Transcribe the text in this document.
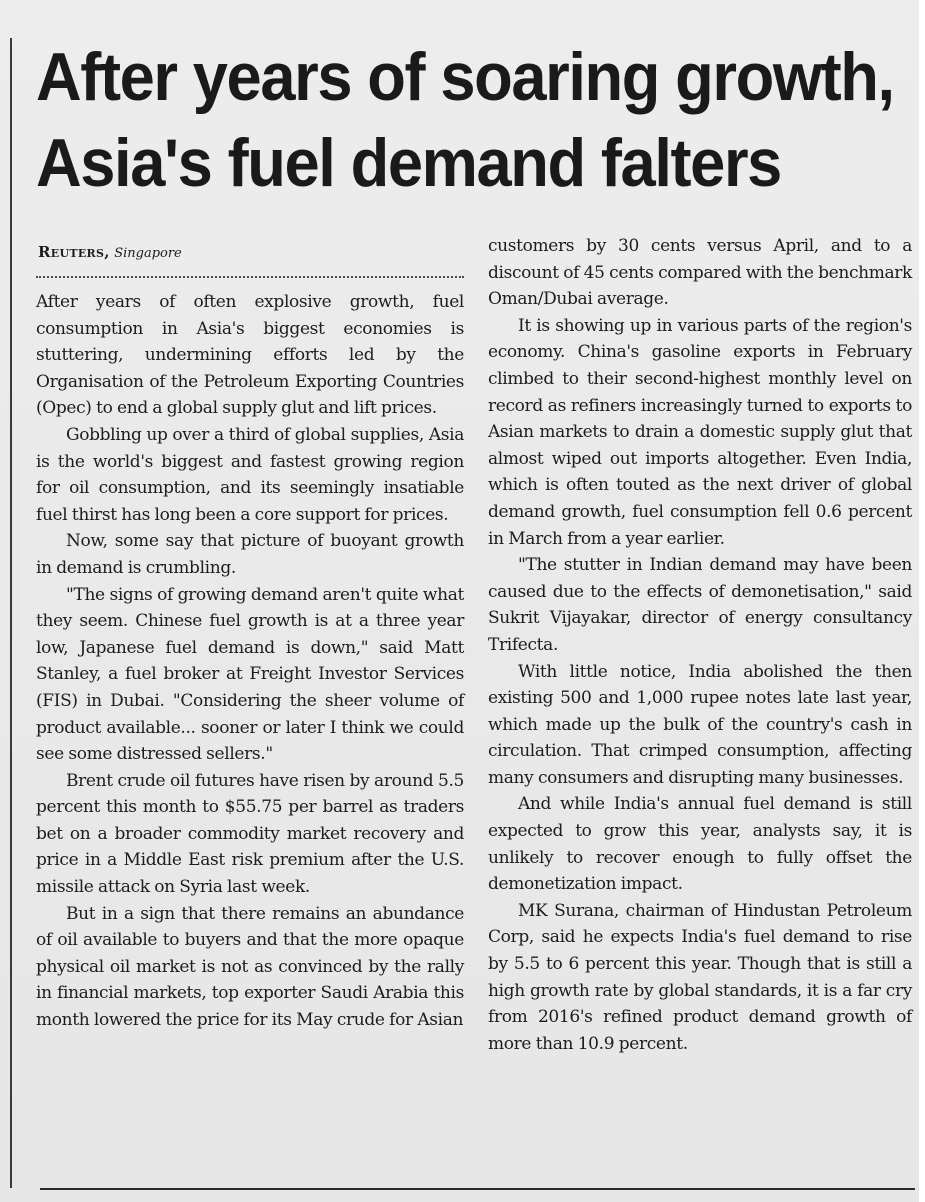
After years of soaring growth,
Asia's fuel demand falters
Reuters, Singapore

After years of often explosive growth, fuel consumption in Asia's biggest economies is stuttering, undermining efforts led by the Organisation of the Petroleum Exporting Countries (Opec) to end a global supply glut and lift prices.

Gobbling up over a third of global supplies, Asia is the world's biggest and fastest growing region for oil consumption, and its seemingly insatiable fuel thirst has long been a core support for prices.

Now, some say that picture of buoyant growth in demand is crumbling.

"The signs of growing demand aren't quite what they seem. Chinese fuel growth is at a three year low, Japanese fuel demand is down," said Matt Stanley, a fuel broker at Freight Investor Services (FIS) in Dubai. "Considering the sheer volume of product available... sooner or later I think we could see some distressed sellers."

Brent crude oil futures have risen by around 5.5 percent this month to $55.75 per barrel as traders bet on a broader commodity market recovery and price in a Middle East risk premium after the U.S. missile attack on Syria last week.

But in a sign that there remains an abundance of oil available to buyers and that the more opaque physical oil market is not as convinced by the rally in financial markets, top exporter Saudi Arabia this month lowered the price for its May crude for Asian

customers by 30 cents versus April, and to a discount of 45 cents compared with the benchmark Oman/Dubai average.

It is showing up in various parts of the region's economy. China's gasoline exports in February climbed to their second-highest monthly level on record as refiners increasingly turned to exports to Asian markets to drain a domestic supply glut that almost wiped out imports altogether. Even India, which is often touted as the next driver of global demand growth, fuel consumption fell 0.6 percent in March from a year earlier.

"The stutter in Indian demand may have been caused due to the effects of demonetisation," said Sukrit Vijayakar, director of energy consultancy Trifecta.

With little notice, India abolished the then existing 500 and 1,000 rupee notes late last year, which made up the bulk of the country's cash in circulation. That crimped consumption, affecting many consumers and disrupting many businesses.

And while India's annual fuel demand is still expected to grow this year, analysts say, it is unlikely to recover enough to fully offset the demonetization impact.

MK Surana, chairman of Hindustan Petroleum Corp, said he expects India's fuel demand to rise by 5.5 to 6 percent this year. Though that is still a high growth rate by global standards, it is a far cry from 2016's refined product demand growth of more than 10.9 percent.
